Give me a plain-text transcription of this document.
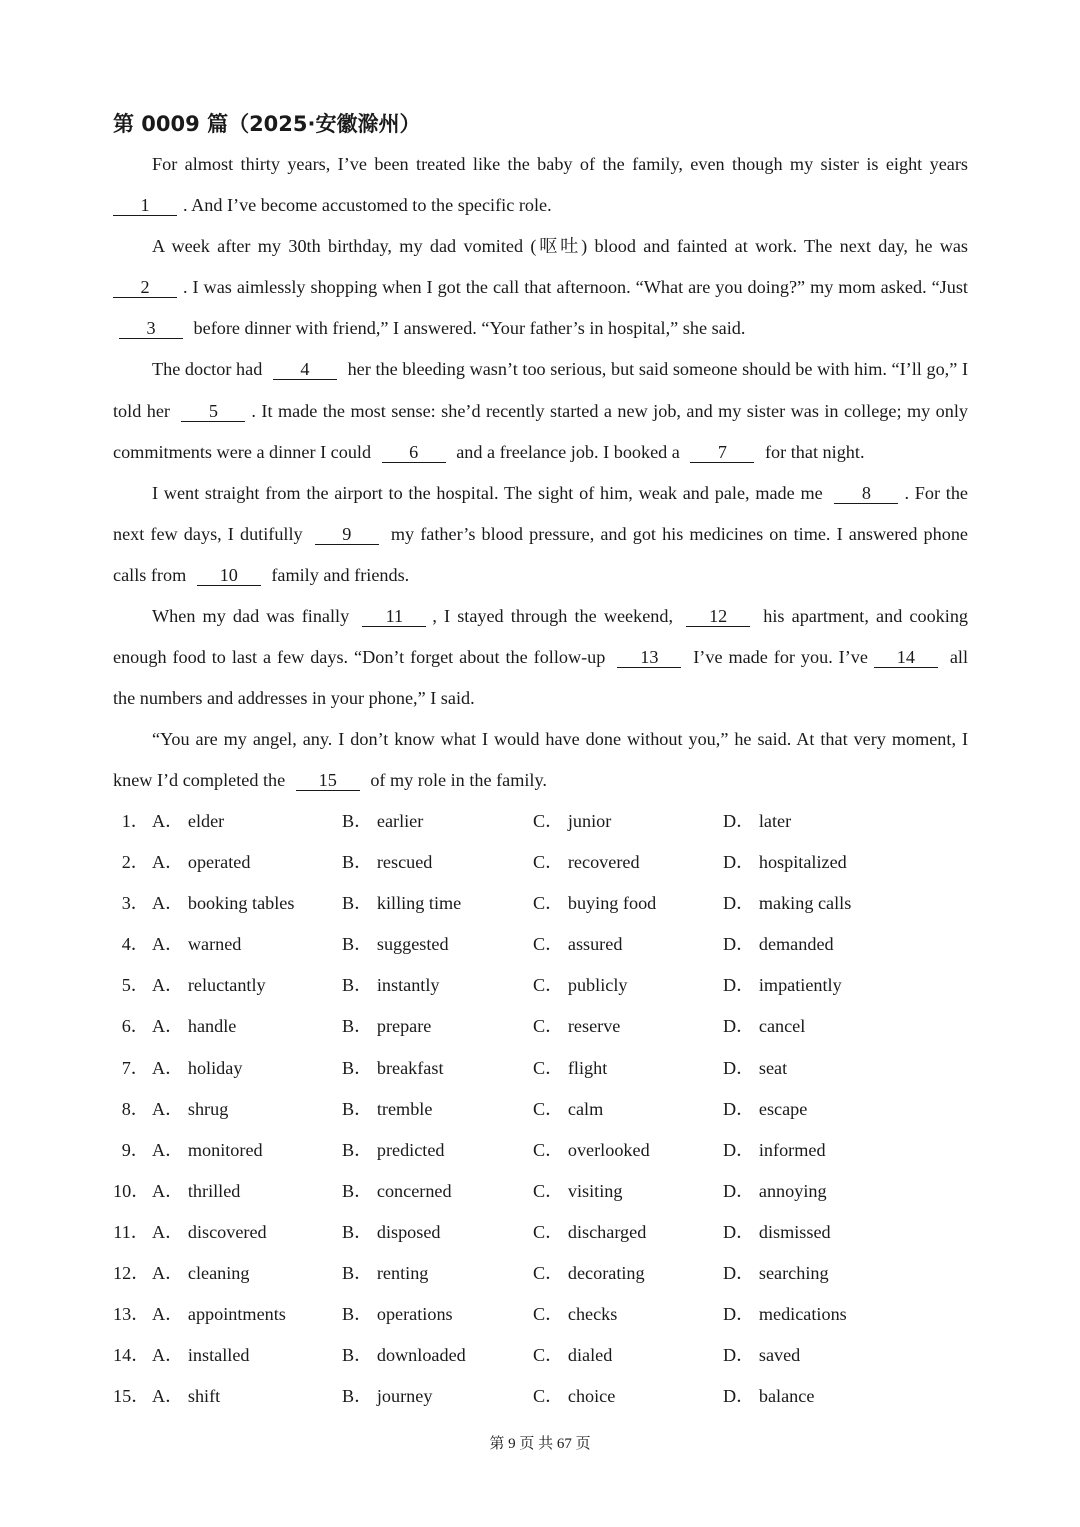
第 0009 篇（2025·安徽滁州）

For almost thirty years, I’ve been treated like the baby of the family, even though my sister is eight years 1 . And I’ve become accustomed to the specific role.

A week after my 30th birthday, my dad vomited (呕吐) blood and fainted at work. The next day, he was 2 . I was aimlessly shopping when I got the call that afternoon. “What are you doing?” my mom asked. “Just 3 before dinner with friend,” I answered. “Your father’s in hospital,” she said.

The doctor had 4 her the bleeding wasn’t too serious, but said someone should be with him. “I’ll go,” I told her 5 . It made the most sense: she’d recently started a new job, and my sister was in college; my only commitments were a dinner I could 6 and a freelance job. I booked a 7 for that night.

I went straight from the airport to the hospital. The sight of him, weak and pale, made me 8 . For the next few days, I dutifully 9 my father’s blood pressure, and got his medicines on time. I answered phone calls from 10 family and friends.

When my dad was finally 11 , I stayed through the weekend, 12 his apartment, and cooking enough food to last a few days. “Don’t forget about the follow-up 13 I’ve made for you. I’ve 14 all the numbers and addresses in your phone,” I said.

“You are my angel, any. I don’t know what I would have done without you,” he said. At that very moment, I knew I’d completed the 15 of my role in the family.

1． A． elder	B． earlier	C． junior	D． later
2． A． operated	B． rescued	C． recovered	D． hospitalized
3． A． booking tables	B． killing time	C． buying food	D． making calls
4． A． warned	B． suggested	C． assured	D． demanded
5． A． reluctantly	B． instantly	C． publicly	D． impatiently
6． A． handle	B． prepare	C． reserve	D． cancel
7． A． holiday	B． breakfast	C． flight	D． seat
8． A． shrug	B． tremble	C． calm	D． escape
9． A． monitored	B． predicted	C． overlooked	D． informed
10． A． thrilled	B． concerned	C． visiting	D． annoying
11． A． discovered	B． disposed	C． discharged	D． dismissed
12． A． cleaning	B． renting	C． decorating	D． searching
13． A． appointments	B． operations	C． checks	D． medications
14． A． installed	B． downloaded	C． dialed	D． saved
15． A． shift	B． journey	C． choice	D． balance
第 9 页 共 67 页
